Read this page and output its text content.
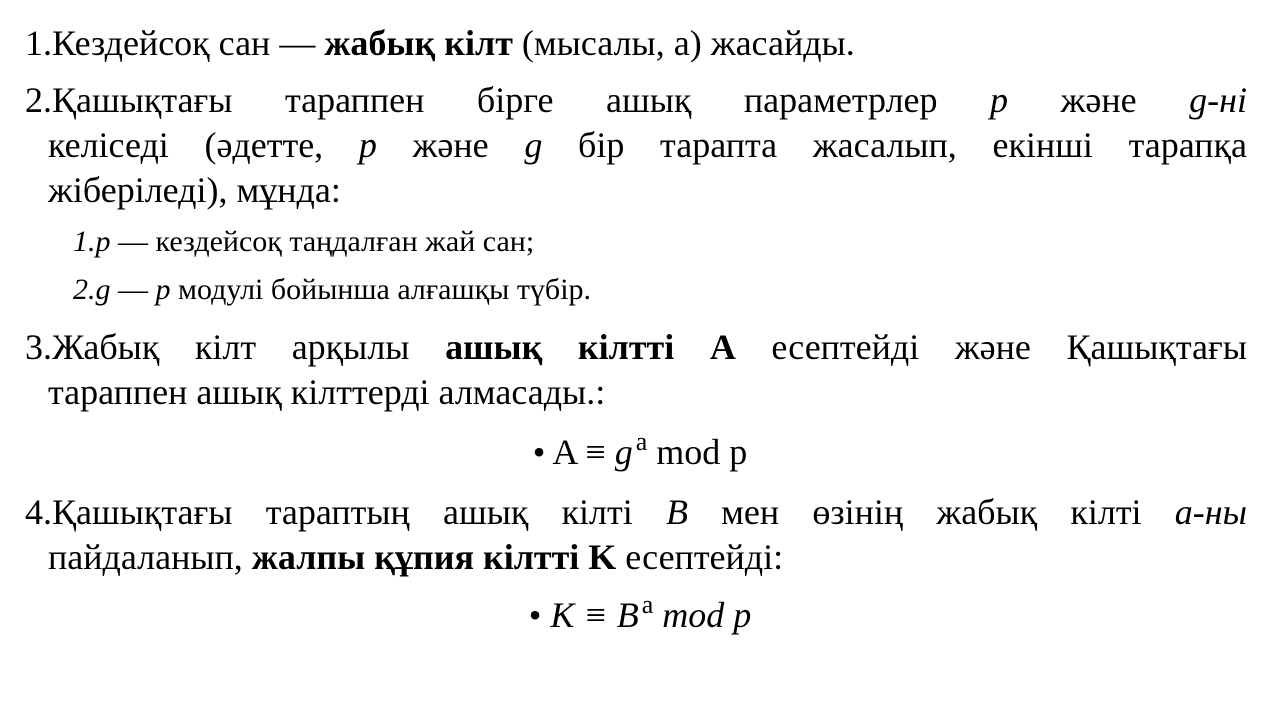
1.Кездейсоқ сан — жабық кілт (мысалы, a) жасайды.
2.Қашықтағы тараппен бірге ашық параметрлер p және g-ні
келіседі (әдетте, p және g бір тарапта жасалып, екінші тарапқа
жіберіледі), мұнда:
1.p — кездейсоқ таңдалған жай сан;
2.g — p модулі бойынша алғашқы түбір.
3.Жабық кілт арқылы ашық кілтті A есептейді және Қашықтағы
тараппен ашық кілттерді алмасады.:
• A ≡ g $^a$ mod p
4.Қашықтағы тараптың ашық кілті B мен өзінің жабық кілті a-ны
пайдаланып, жалпы құпия кілтті K есептейді:
• K ≡ B $^a$ mod p
